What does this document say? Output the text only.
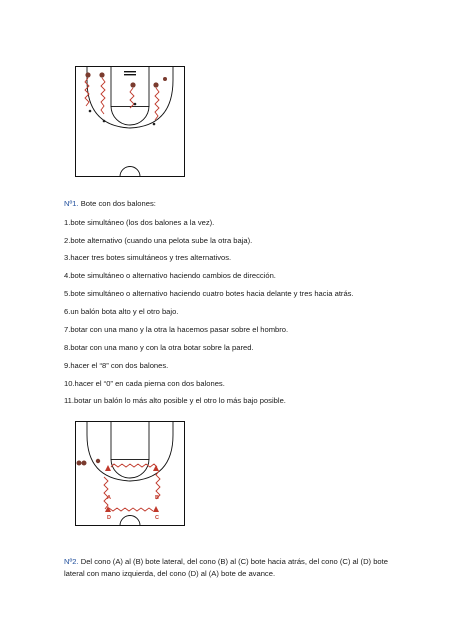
Nº1. Bote con dos balones:
1.bote simultáneo (los dos balones a la vez).
2.bote alternativo (cuando una pelota sube la otra baja).
3.hacer tres botes simultáneos y tres alternativos.
4.bote simultáneo o alternativo haciendo cambios de dirección.
5.bote simultáneo o alternativo haciendo cuatro botes hacia delante y tres hacia atrás.
6.un balón bota alto y el otro bajo.
7.botar con una mano y la otra la hacemos pasar sobre el hombro.
8.botar con una mano y con la otra botar sobre la pared.
9.hacer el “8” con dos balones.
10.hacer el “0” en cada pierna con dos balones.
11.botar un balón lo más alto posible y el otro lo más bajo posible.
A	B
C
D
Nº2. Del cono (A) al (B) bote lateral, del cono (B) al (C) bote hacia atrás, del cono (C) al (D) bote lateral con mano izquierda, del cono (D) al (A) bote de avance.
